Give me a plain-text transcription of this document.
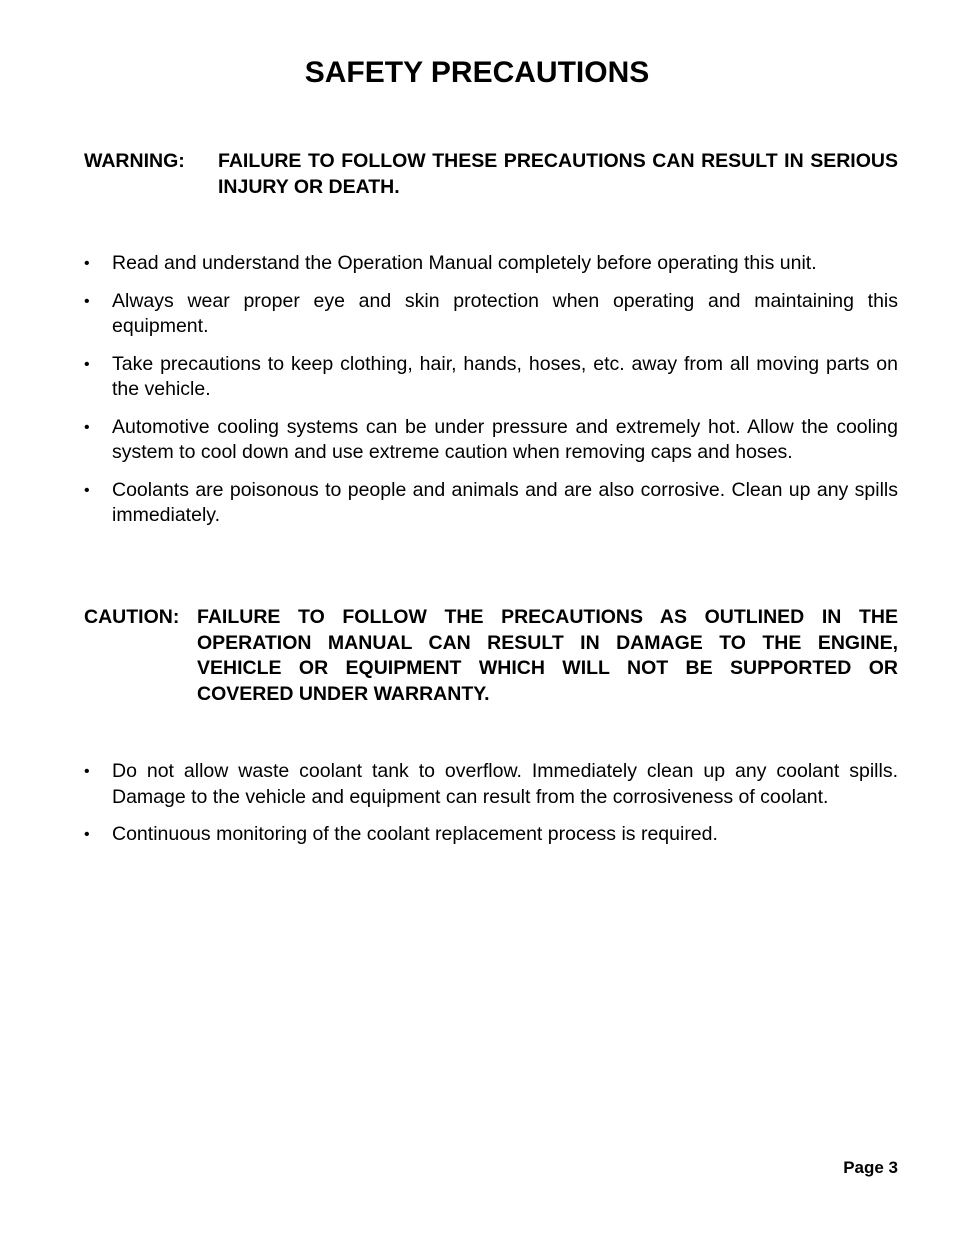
SAFETY PRECAUTIONS
WARNING:	FAILURE TO FOLLOW THESE PRECAUTIONS CAN RESULT IN SERIOUS INJURY OR DEATH.
•	Read and understand the Operation Manual completely before operating this unit.
•	Always wear proper eye and skin protection when operating and maintaining this equipment.
•	Take precautions to keep clothing, hair, hands, hoses, etc. away from all moving parts on the vehicle.
•	Automotive cooling systems can be under pressure and extremely hot. Allow the cooling system to cool down and use extreme caution when removing caps and hoses.
•	Coolants are poisonous to people and animals and are also corrosive. Clean up any spills immediately.
CAUTION: FAILURE TO FOLLOW THE PRECAUTIONS AS OUTLINED IN THE OPERATION MANUAL CAN RESULT IN DAMAGE TO THE ENGINE, VEHICLE OR EQUIPMENT WHICH WILL NOT BE SUPPORTED OR COVERED UNDER WARRANTY.
•	Do not allow waste coolant tank to overflow. Immediately clean up any coolant spills. Damage to the vehicle and equipment can result from the corrosiveness of coolant.
•	Continuous monitoring of the coolant replacement process is required.
Page 3
